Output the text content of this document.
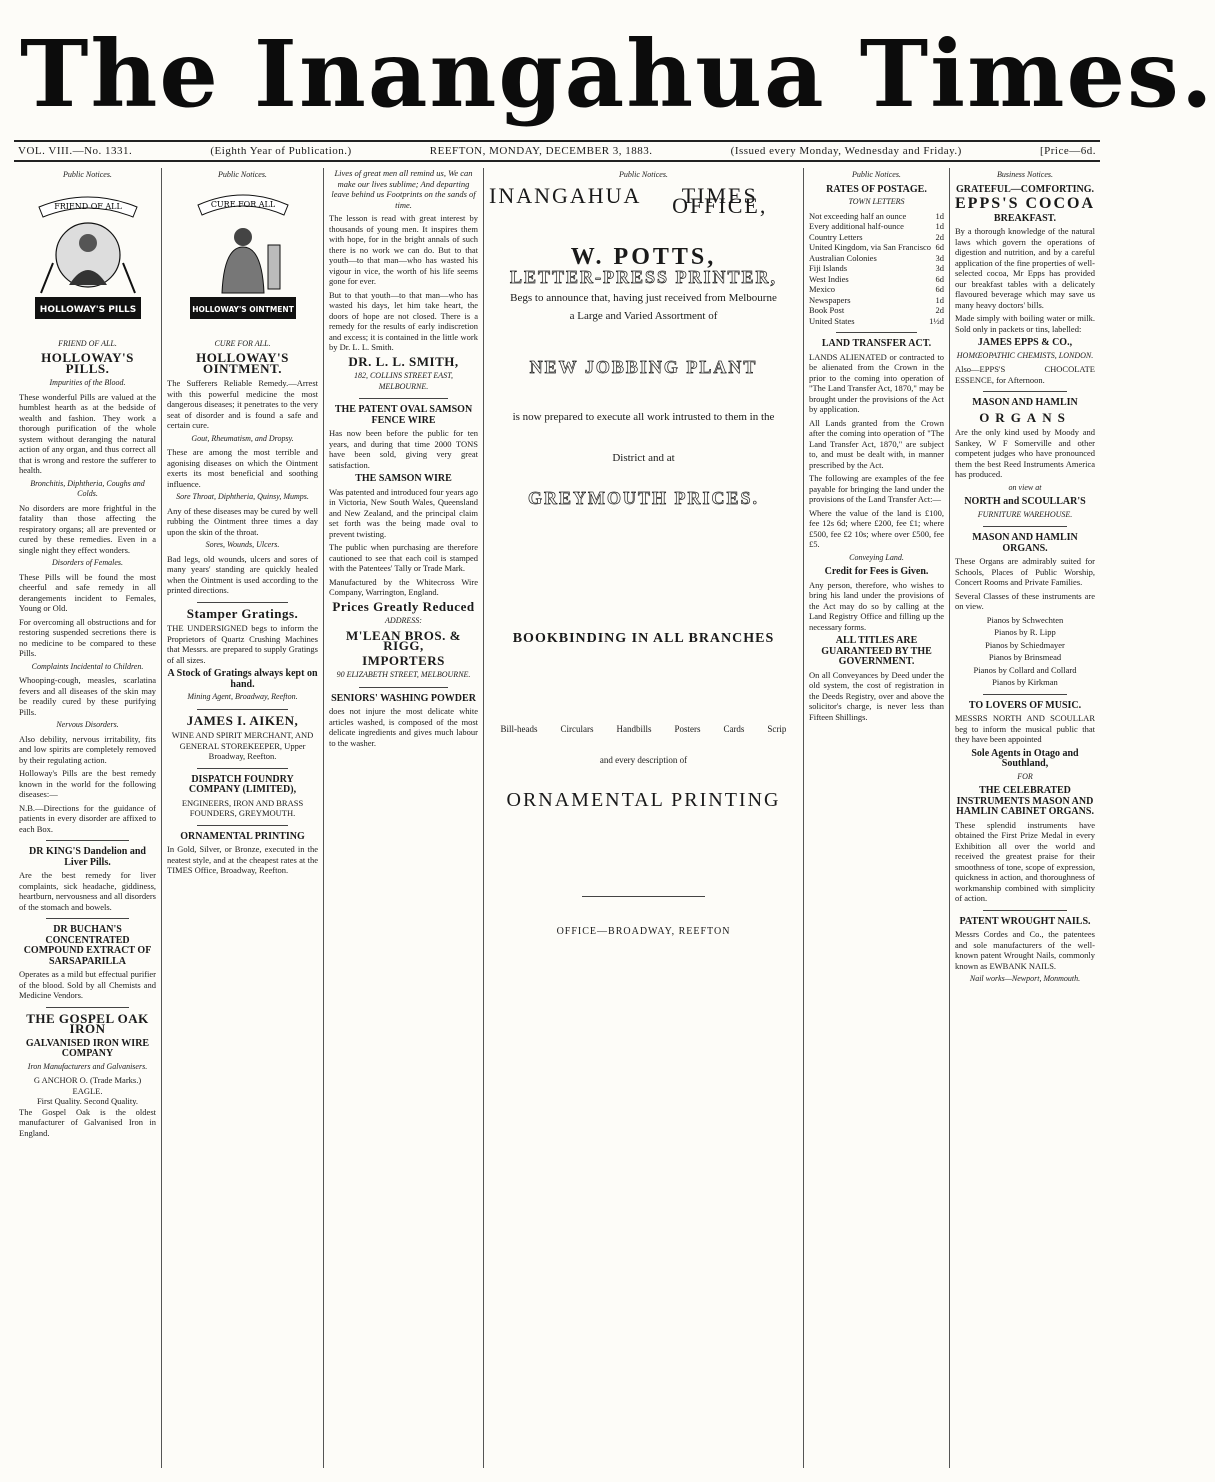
The Inangahua Times.
VOL. VIII.—No. 1331.	(Eighth Year of Publication.)	REEFTON, MONDAY, DECEMBER 3, 1883.	(Issued every Monday, Wednesday and Friday.)	[Price—6d.
Public Notices.
FRIEND OF ALL
HOLLOWAY'S PILLS
FRIEND OF ALL.
HOLLOWAY'S PILLS.
Impurities of the Blood.

These wonderful Pills are valued at the humblest hearth as at the bedside of wealth and fashion. They work a thorough purification of the whole system without deranging the natural action of any organ, and thus correct all that is wrong and restore the sufferer to health.

Bronchitis, Diphtheria, Coughs and Colds.

No disorders are more frightful in the fatality than those affecting the respiratory organs; all are prevented or cured by these remedies. Even in a single night they effect wonders.

Disorders of Females.

These Pills will be found the most cheerful and safe remedy in all derangements incident to Females, Young or Old.

For overcoming all obstructions and for restoring suspended secretions there is no medicine to be compared to these Pills.

Complaints Incidental to Children.

Whooping-cough, measles, scarlatina fevers and all diseases of the skin may be readily cured by these purifying Pills.

Nervous Disorders.

Also debility, nervous irritability, fits and low spirits are completely removed by their regulating action.

Holloway's Pills are the best remedy known in the world for the following diseases:—

N.B.—Directions for the guidance of patients in every disorder are affixed to each Box.

DR KING'S Dandelion and Liver Pills.

Are the best remedy for liver complaints, sick headache, giddiness, heartburn, nervousness and all disorders of the stomach and bowels.

DR BUCHAN'S CONCENTRATED COMPOUND EXTRACT OF SARSAPARILLA

Operates as a mild but effectual purifier of the blood. Sold by all Chemists and Medicine Vendors.

THE GOSPEL OAK IRON
GALVANISED IRON WIRE COMPANY
Iron Manufacturers and Galvanisers.
G ANCHOR O. (Trade Marks.) EAGLE.
First Quality. Second Quality.

The Gospel Oak is the oldest manufacturer of Galvanised Iron in England.

Public Notices.
CURE FOR ALL
HOLLOWAY'S OINTMENT
CURE FOR ALL.
HOLLOWAY'S OINTMENT.

The Sufferers Reliable Remedy.—Arrest with this powerful medicine the most dangerous diseases; it penetrates to the very seat of disorder and is found a safe and certain cure.

Gout, Rheumatism, and Dropsy.

These are among the most terrible and agonising diseases on which the Ointment exerts its most beneficial and soothing influence.

Sore Throat, Diphtheria, Quinsy, Mumps.

Any of these diseases may be cured by well rubbing the Ointment three times a day upon the skin of the throat.

Sores, Wounds, Ulcers.

Bad legs, old wounds, ulcers and sores of many years' standing are quickly healed when the Ointment is used according to the printed directions.

Stamper Gratings.

THE UNDERSIGNED begs to inform the Proprietors of Quartz Crushing Machines that Messrs. are prepared to supply Gratings of all sizes.

A Stock of Gratings always kept on hand.
Mining Agent, Broadway, Reefton.
JAMES I. AIKEN,

WINE AND SPIRIT MERCHANT, AND GENERAL STOREKEEPER, Upper Broadway, Reefton.

DISPATCH FOUNDRY COMPANY (LIMITED),

ENGINEERS, IRON AND BRASS FOUNDERS, GREYMOUTH.

ORNAMENTAL PRINTING

In Gold, Silver, or Bronze, executed in the neatest style, and at the cheapest rates at the TIMES Office, Broadway, Reefton.

Lives of great men all remind us, We can make our lives sublime; And departing leave behind us Footprints on the sands of time.

The lesson is read with great interest by thousands of young men. It inspires them with hope, for in the bright annals of such there is no work we can do. But to that youth—to that man—who has wasted his vigour in vice, the worth of his life seems gone for ever.

But to that youth—to that man—who has wasted his days, let him take heart, the doors of hope are not closed. There is a remedy for the results of early indiscretion and excess; it is contained in the little work by Dr. L. L. Smith.

DR. L. L. SMITH,
182, COLLINS STREET EAST, MELBOURNE.
THE PATENT OVAL SAMSON FENCE WIRE

Has now been before the public for ten years, and during that time 2000 TONS have been sold, giving very great satisfaction.

THE SAMSON WIRE

Was patented and introduced four years ago in Victoria, New South Wales, Queensland and New Zealand, and the principal claim set forth was the being made oval to prevent twisting.

The public when purchasing are therefore cautioned to see that each coil is stamped with the Patentees' Tally or Trade Mark.

Manufactured by the Whitecross Wire Company, Warrington, England.

Prices Greatly Reduced
ADDRESS:
M'LEAN BROS. & RIGG,
IMPORTERS
90 ELIZABETH STREET, MELBOURNE.
SENIORS' WASHING POWDER

does not injure the most delicate white articles washed, is composed of the most delicate ingredients and gives much labour to the washer.

Public Notices.
INANGAHUA	TIMES OFFICE,
W. POTTS,
LETTER-PRESS PRINTER,

Begs to announce that, having just received from Melbourne

a Large and Varied Assortment of

NEW JOBBING PLANT

is now prepared to execute all work intrusted to them in the

District and at

GREYMOUTH PRICES.
BOOKBINDING IN ALL BRANCHES
Bill-heads	Circulars	Handbills	Posters	Cards	Scrip

and every description of

ORNAMENTAL PRINTING
OFFICE—BROADWAY, REEFTON
Public Notices.
RATES OF POSTAGE.
TOWN LETTERS
Not exceeding half an ounce	1d
Every additional half-ounce	1d
Country Letters	2d
United Kingdom, via San Francisco 6d
Australian Colonies	3d
Fiji Islands	3d
West Indies	6d
Mexico	6d
Newspapers	1d
Book Post	2d
United States	1½d
LAND TRANSFER ACT.

LANDS ALIENATED or contracted to be alienated from the Crown in the prior to the coming into operation of "The Land Transfer Act, 1870," may be brought under the provisions of the Act by application.

All Lands granted from the Crown after the coming into operation of "The Land Transfer Act, 1870," are subject to, and must be dealt with, in manner prescribed by the Act.

The following are examples of the fee payable for bringing the land under the provisions of the Land Transfer Act:—

Where the value of the land is £100, fee 12s 6d; where £200, fee £1; where £500, fee £2 10s; where over £500, fee £5.

Conveying Land.
Credit for Fees is Given.

Any person, therefore, who wishes to bring his land under the provisions of the Act may do so by calling at the Land Registry Office and filling up the necessary forms.

ALL TITLES ARE GUARANTEED BY THE GOVERNMENT.

On all Conveyances by Deed under the old system, the cost of registration in the Deeds Registry, over and above the solicitor's charge, is never less than Fifteen Shillings.

Business Notices.
GRATEFUL—COMFORTING.
EPPS'S COCOA
BREAKFAST.

By a thorough knowledge of the natural laws which govern the operations of digestion and nutrition, and by a careful application of the fine properties of well-selected cocoa, Mr Epps has provided our breakfast tables with a delicately flavoured beverage which may save us many heavy doctors' bills.

Made simply with boiling water or milk. Sold only in packets or tins, labelled:

JAMES EPPS & CO.,
HOMŒOPATHIC CHEMISTS, LONDON.

Also—EPPS'S CHOCOLATE ESSENCE, for Afternoon.

MASON AND HAMLIN
ORGANS

Are the only kind used by Moody and Sankey, W F Somerville and other competent judges who have pronounced them the best Reed Instruments America has produced.

on view at
NORTH and SCOULLAR'S
FURNITURE WAREHOUSE.
MASON AND HAMLIN ORGANS.

These Organs are admirably suited for Schools, Places of Public Worship, Concert Rooms and Private Families.

Several Classes of these instruments are on view.

Pianos by Schwechten
Pianos by R. Lipp
Pianos by Schiedmayer
Pianos by Brinsmead
Pianos by Collard and Collard
Pianos by Kirkman
TO LOVERS OF MUSIC.

MESSRS NORTH AND SCOULLAR beg to inform the musical public that they have been appointed

Sole Agents in Otago and Southland,
FOR
THE CELEBRATED INSTRUMENTS MASON AND HAMLIN CABINET ORGANS.

These splendid instruments have obtained the First Prize Medal in every Exhibition all over the world and received the greatest praise for their smoothness of tone, scope of expression, quickness in action, and thoroughness of workmanship combined with simplicity of action.

PATENT WROUGHT NAILS.

Messrs Cordes and Co., the patentees and sole manufacturers of the well-known patent Wrought Nails, commonly known as EWBANK NAILS.

Nail works—Newport, Monmouth.
